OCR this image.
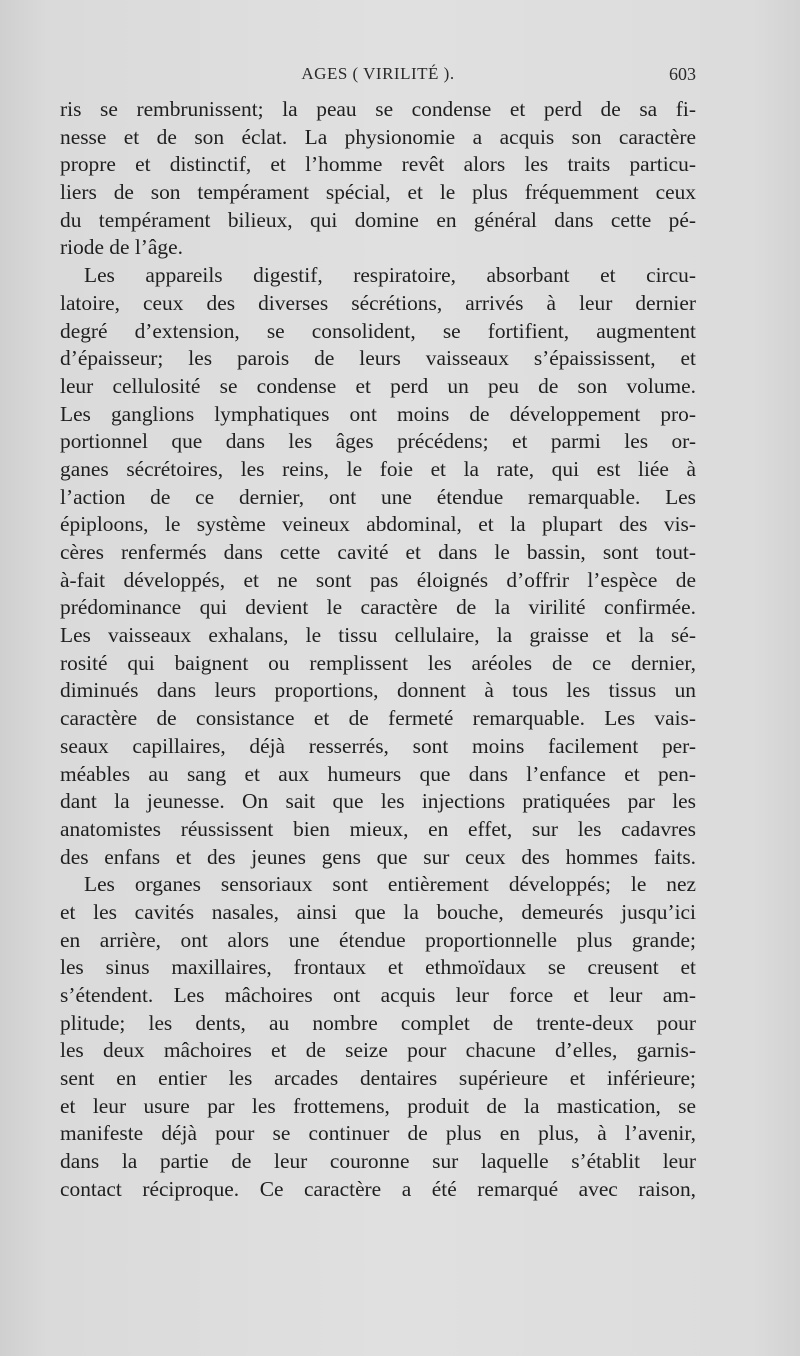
AGES ( VIRILITÉ ).	603
ris se rembrunissent; la peau se condense et perd de sa fi-
nesse et de son éclat. La physionomie a acquis son caractère
propre et distinctif, et l’homme revêt alors les traits particu-
liers de son tempérament spécial, et le plus fréquemment ceux
du tempérament bilieux, qui domine en général dans cette pé-
riode de l’âge.
Les appareils digestif, respiratoire, absorbant et circu-
latoire, ceux des diverses sécrétions, arrivés à leur dernier
degré d’extension, se consolident, se fortifient, augmentent
d’épaisseur; les parois de leurs vaisseaux s’épaississent, et
leur cellulosité se condense et perd un peu de son volume.
Les ganglions lymphatiques ont moins de développement pro-
portionnel que dans les âges précédens; et parmi les or-
ganes sécrétoires, les reins, le foie et la rate, qui est liée à
l’action de ce dernier, ont une étendue remarquable. Les
épiploons, le système veineux abdominal, et la plupart des vis-
cères renfermés dans cette cavité et dans le bassin, sont tout-
à-fait développés, et ne sont pas éloignés d’offrir l’espèce de
prédominance qui devient le caractère de la virilité confirmée.
Les vaisseaux exhalans, le tissu cellulaire, la graisse et la sé-
rosité qui baignent ou remplissent les aréoles de ce dernier,
diminués dans leurs proportions, donnent à tous les tissus un
caractère de consistance et de fermeté remarquable. Les vais-
seaux capillaires, déjà resserrés, sont moins facilement per-
méables au sang et aux humeurs que dans l’enfance et pen-
dant la jeunesse. On sait que les injections pratiquées par les
anatomistes réussissent bien mieux, en effet, sur les cadavres
des enfans et des jeunes gens que sur ceux des hommes faits.
Les organes sensoriaux sont entièrement développés; le nez
et les cavités nasales, ainsi que la bouche, demeurés jusqu’ici
en arrière, ont alors une étendue proportionnelle plus grande;
les sinus maxillaires, frontaux et ethmoïdaux se creusent et
s’étendent. Les mâchoires ont acquis leur force et leur am-
plitude; les dents, au nombre complet de trente-deux pour
les deux mâchoires et de seize pour chacune d’elles, garnis-
sent en entier les arcades dentaires supérieure et inférieure;
et leur usure par les frottemens, produit de la mastication, se
manifeste déjà pour se continuer de plus en plus, à l’avenir,
dans la partie de leur couronne sur laquelle s’établit leur
contact réciproque. Ce caractère a été remarqué avec raison,
